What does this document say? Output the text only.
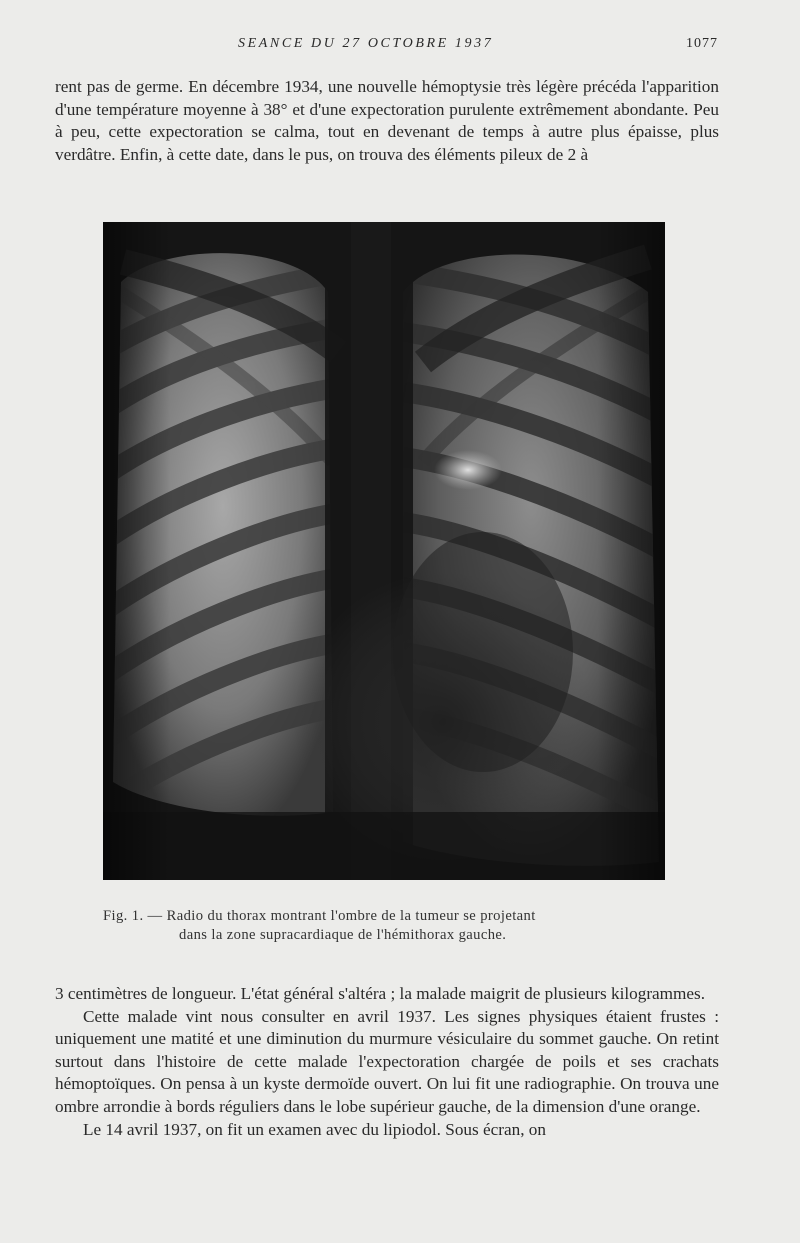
SEANCE DU 27 OCTOBRE 1937	1077

rent pas de germe. En décembre 1934, une nouvelle hémoptysie très légère précéda l'apparition d'une température moyenne à 38° et d'une expectoration purulente extrêmement abondante. Peu à peu, cette expectoration se calma, tout en devenant de temps à autre plus épaisse, plus verdâtre. Enfin, à cette date, dans le pus, on trouva des éléments pileux de 2 à

Fig. 1. — Radio du thorax montrant l'ombre de la tumeur se projetant
dans la zone supracardiaque de l'hémithorax gauche.

3 centimètres de longueur. L'état général s'altéra ; la malade maigrit de plusieurs kilogrammes.

Cette malade vint nous consulter en avril 1937. Les signes physiques étaient frustes : uniquement une matité et une diminution du murmure vésiculaire du sommet gauche. On retint surtout dans l'histoire de cette malade l'expectoration chargée de poils et ses crachats hémoptoïques. On pensa à un kyste dermoïde ouvert. On lui fit une radiographie. On trouva une ombre arrondie à bords réguliers dans le lobe supérieur gauche, de la dimension d'une orange.

Le 14 avril 1937, on fit un examen avec du lipiodol. Sous écran, on
